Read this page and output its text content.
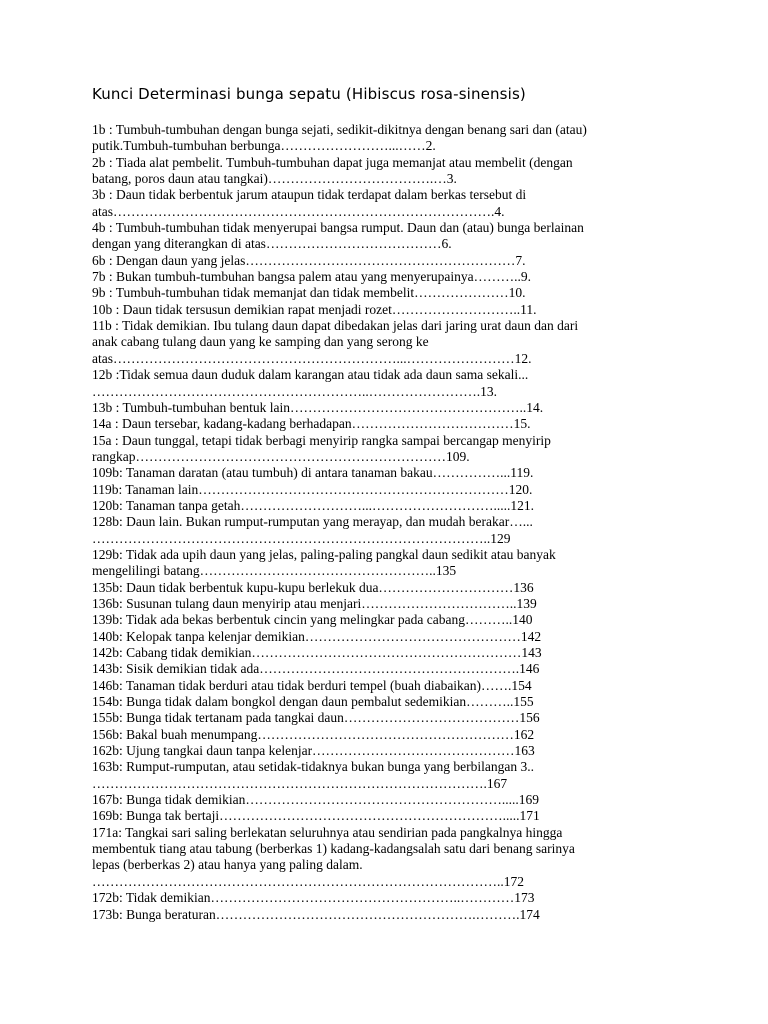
Kunci Determinasi bunga sepatu (Hibiscus rosa-sinensis)
1b : Tumbuh-tumbuhan dengan bunga sejati, sedikit-dikitnya dengan benang sari dan (atau)
putik.Tumbuh-tumbuhan berbunga……………………...……2.
2b : Tiada alat pembelit. Tumbuh-tumbuhan dapat juga memanjat atau membelit (dengan
batang, poros daun atau tangkai)……………………………….…3.
3b : Daun tidak berbentuk jarum ataupun tidak terdapat dalam berkas tersebut di
atas………………………………………………………………………….4.
4b : Tumbuh-tumbuhan tidak menyerupai bangsa rumput. Daun dan (atau) bunga berlainan
dengan yang diterangkan di atas…………………………………6.
6b : Dengan daun yang jelas……………………………………………………7.
7b : Bukan tumbuh-tumbuhan bangsa palem atau yang menyerupainya………..9.
9b : Tumbuh-tumbuhan tidak memanjat dan tidak membelit…………………10.
10b : Daun tidak tersusun demikian rapat menjadi rozet………………………..11.
11b : Tidak demikian. Ibu tulang daun dapat dibedakan jelas dari jaring urat daun dan dari
anak cabang tulang daun yang ke samping dan yang serong ke
atas………………………………………………………...……………………12.
12b :Tidak semua daun duduk dalam karangan atau tidak ada daun sama sekali...
……………………………………………………..…………………….13.
13b : Tumbuh-tumbuhan bentuk lain……………………………………………..14.
14a : Daun tersebar, kadang-kadang berhadapan………………………………15.
15a : Daun tunggal, tetapi tidak berbagi menyirip rangka sampai bercangap menyirip
rangkap……………………………………………………………109.
109b: Tanaman daratan (atau tumbuh) di antara tanaman bakau……………...119.
119b: Tanaman lain……………………………………………………………120.
120b: Tanaman tanpa getah………………………...……………………….....121.
128b: Daun lain. Bukan rumput-rumputan yang merayap, dan mudah berakar…...
……………………………………………………………………………..129
129b: Tidak ada upih daun yang jelas, paling-paling pangkal daun sedikit atau banyak
mengelilingi batang……………………………………………..135
135b: Daun tidak berbentuk kupu-kupu berlekuk dua…………………………136
136b: Susunan tulang daun menyirip atau menjari……………………………..139
139b: Tidak ada bekas berbentuk cincin yang melingkar pada cabang………..140
140b: Kelopak tanpa kelenjar demikian…………………………………………142
142b: Cabang tidak demikian……………………………………………………143
143b: Sisik demikian tidak ada………………………………………………….146
146b: Tanaman tidak berduri atau tidak berduri tempel (buah diabaikan)…….154
154b: Bunga tidak dalam bongkol dengan daun pembalut sedemikian………..155
155b: Bunga tidak tertanam pada tangkai daun…………………………………156
156b: Bakal buah menumpang…………………………………………………162
162b: Ujung tangkai daun tanpa kelenjar………………………………………163
163b: Rumput-rumputan, atau setidak-tidaknya bukan bunga yang berbilangan 3..
…………………………………………………………………………….167
167b: Bunga tidak demikian………………………………………………….....169
169b: Bunga tak bertaji……………………………………………………….....171
171a: Tangkai sari saling berlekatan seluruhnya atau sendirian pada pangkalnya hingga
membentuk tiang atau tabung (berberkas 1) kadang-kadangsalah satu dari benang sarinya
lepas (berberkas 2) atau hanya yang paling dalam.
………………………………………………………………………………..172
172b: Tidak demikian………………………………………………..…………173
173b: Bunga beraturan………………………………………………….……….174
